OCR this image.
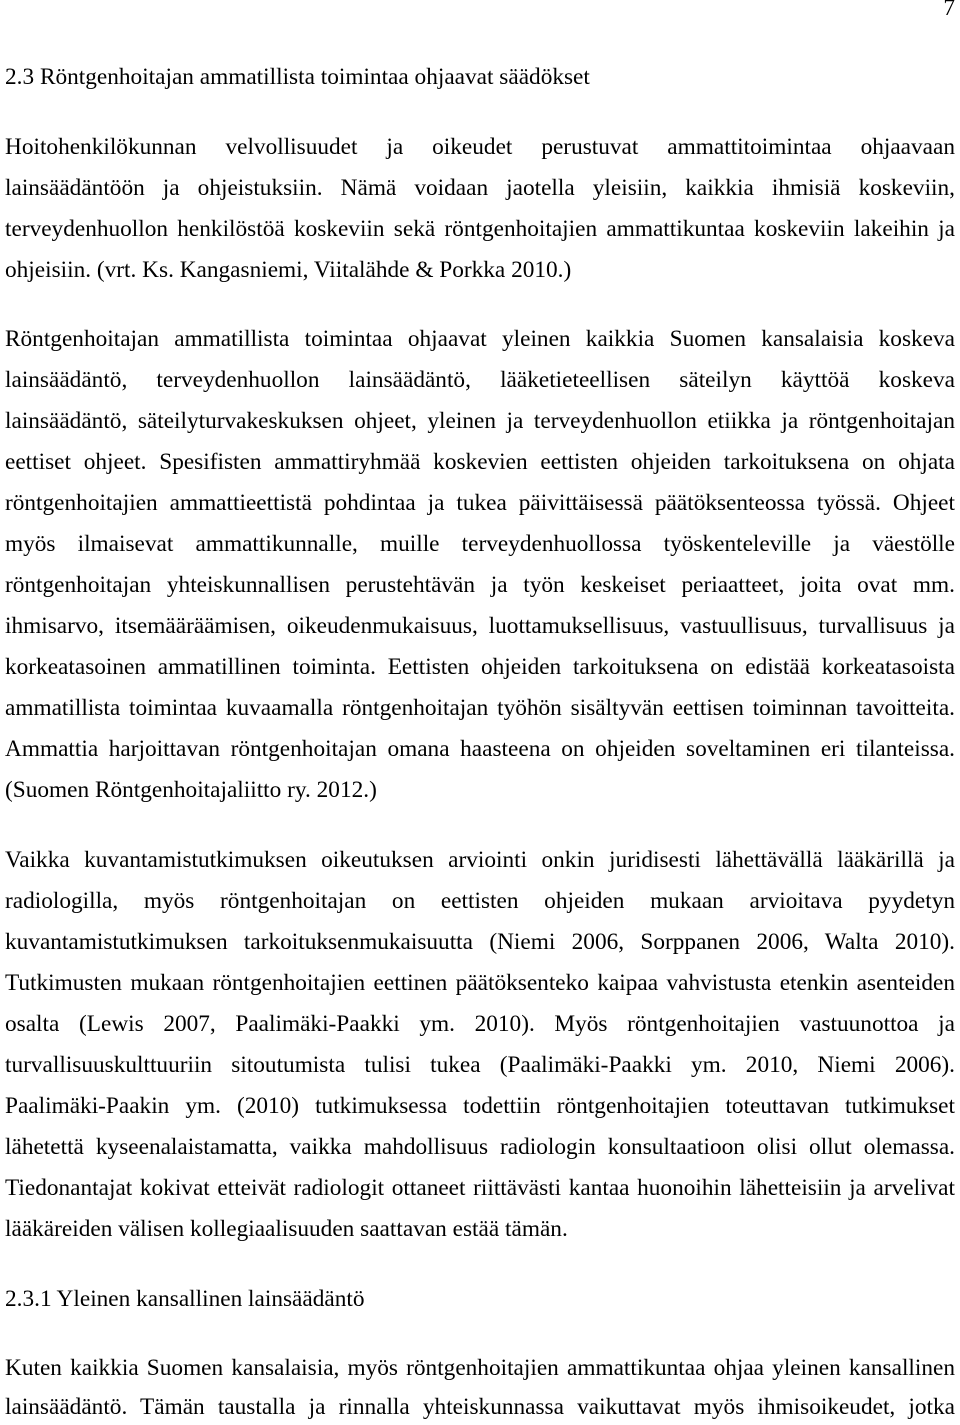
7
2.3 Röntgenhoitajan ammatillista toimintaa ohjaavat säädökset
Hoitohenkilökunnan velvollisuudet ja oikeudet perustuvat ammattitoimintaa ohjaavaan
lainsäädäntöön ja ohjeistuksiin. Nämä voidaan jaotella yleisiin, kaikkia ihmisiä koskeviin,
terveydenhuollon henkilöstöä koskeviin sekä röntgenhoitajien ammattikuntaa koskeviin lakeihin ja
ohjeisiin. (vrt. Ks. Kangasniemi, Viitalähde & Porkka 2010.)
Röntgenhoitajan ammatillista toimintaa ohjaavat yleinen kaikkia Suomen kansalaisia koskeva
lainsäädäntö, terveydenhuollon lainsäädäntö, lääketieteellisen säteilyn käyttöä koskeva
lainsäädäntö, säteilyturvakeskuksen ohjeet, yleinen ja terveydenhuollon etiikka ja röntgenhoitajan
eettiset ohjeet. Spesifisten ammattiryhmää koskevien eettisten ohjeiden tarkoituksena on ohjata
röntgenhoitajien ammattieettistä pohdintaa ja tukea päivittäisessä päätöksenteossa työssä. Ohjeet
myös ilmaisevat ammattikunnalle, muille terveydenhuollossa työskenteleville ja väestölle
röntgenhoitajan yhteiskunnallisen perustehtävän ja työn keskeiset periaatteet, joita ovat mm.
ihmisarvo, itsemääräämisen, oikeudenmukaisuus, luottamuksellisuus, vastuullisuus, turvallisuus ja
korkeatasoinen ammatillinen toiminta. Eettisten ohjeiden tarkoituksena on edistää korkeatasoista
ammatillista toimintaa kuvaamalla röntgenhoitajan työhön sisältyvän eettisen toiminnan tavoitteita.
Ammattia harjoittavan röntgenhoitajan omana haasteena on ohjeiden soveltaminen eri tilanteissa.
(Suomen Röntgenhoitajaliitto ry. 2012.)
Vaikka kuvantamistutkimuksen oikeutuksen arviointi onkin juridisesti lähettävällä lääkärillä ja
radiologilla, myös röntgenhoitajan on eettisten ohjeiden mukaan arvioitava pyydetyn
kuvantamistutkimuksen tarkoituksenmukaisuutta (Niemi 2006, Sorppanen 2006, Walta 2010).
Tutkimusten mukaan röntgenhoitajien eettinen päätöksenteko kaipaa vahvistusta etenkin asenteiden
osalta (Lewis 2007, Paalimäki-Paakki ym. 2010). Myös röntgenhoitajien vastuunottoa ja
turvallisuuskulttuuriin sitoutumista tulisi tukea (Paalimäki-Paakki ym. 2010, Niemi 2006).
Paalimäki-Paakin ym. (2010) tutkimuksessa todettiin röntgenhoitajien toteuttavan tutkimukset
lähetettä kyseenalaistamatta, vaikka mahdollisuus radiologin konsultaatioon olisi ollut olemassa.
Tiedonantajat kokivat etteivät radiologit ottaneet riittävästi kantaa huonoihin lähetteisiin ja arvelivat
lääkäreiden välisen kollegiaalisuuden saattavan estää tämän.
2.3.1 Yleinen kansallinen lainsäädäntö
Kuten kaikkia Suomen kansalaisia, myös röntgenhoitajien ammattikuntaa ohjaa yleinen kansallinen
lainsäädäntö. Tämän taustalla ja rinnalla yhteiskunnassa vaikuttavat myös ihmisoikeudet, jotka
